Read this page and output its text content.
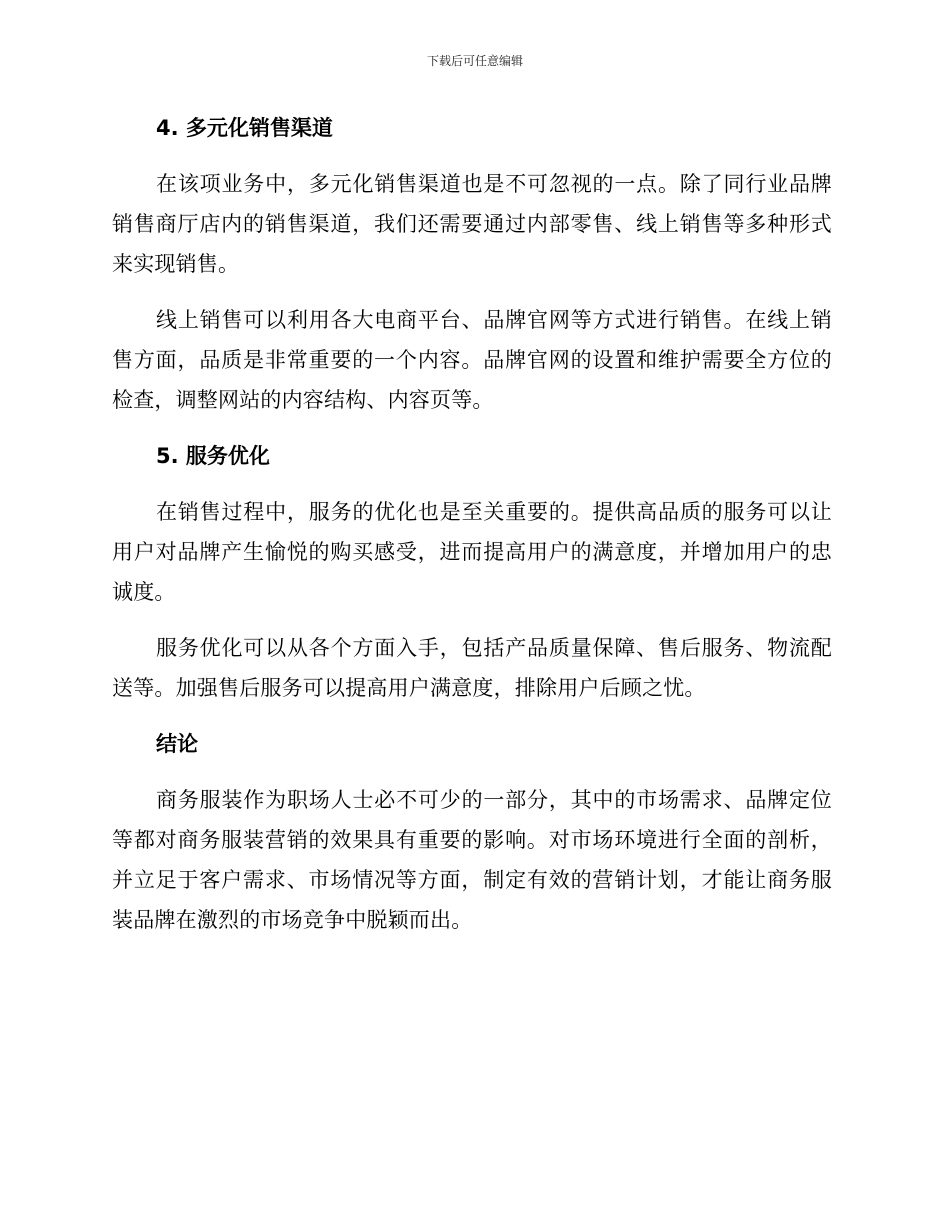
下载后可任意编辑
4. 多元化销售渠道

在该项业务中，多元化销售渠道也是不可忽视的一点。除了同行业品牌销售商厅店内的销售渠道，我们还需要通过内部零售、线上销售等多种形式来实现销售。

线上销售可以利用各大电商平台、品牌官网等方式进行销售。在线上销售方面，品质是非常重要的一个内容。品牌官网的设置和维护需要全方位的检查，调整网站的内容结构、内容页等。

5. 服务优化

在销售过程中，服务的优化也是至关重要的。提供高品质的服务可以让用户对品牌产生愉悦的购买感受，进而提高用户的满意度，并增加用户的忠诚度。

服务优化可以从各个方面入手，包括产品质量保障、售后服务、物流配送等。加强售后服务可以提高用户满意度，排除用户后顾之忧。

结论

商务服装作为职场人士必不可少的一部分，其中的市场需求、品牌定位等都对商务服装营销的效果具有重要的影响。对市场环境进行全面的剖析，并立足于客户需求、市场情况等方面，制定有效的营销计划，才能让商务服装品牌在激烈的市场竞争中脱颖而出。
